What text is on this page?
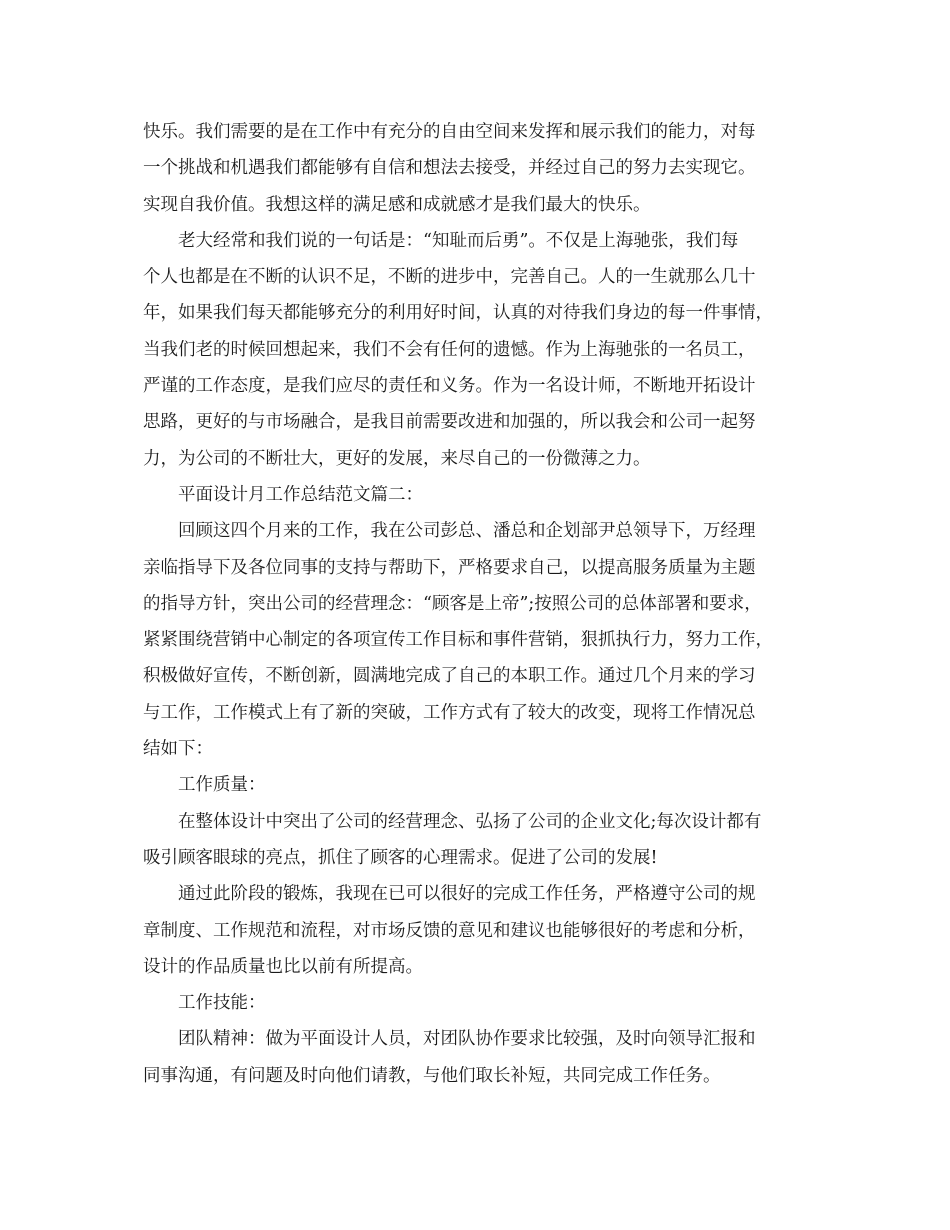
快乐。我们需要的是在工作中有充分的自由空间来发挥和展示我们的能力，对每
一个挑战和机遇我们都能够有自信和想法去接受，并经过自己的努力去实现它。
实现自我价值。我想这样的满足感和成就感才是我们最大的快乐。
老大经常和我们说的一句话是：“知耻而后勇”。不仅是上海驰张，我们每
个人也都是在不断的认识不足，不断的进步中，完善自己。人的一生就那么几十
年，如果我们每天都能够充分的利用好时间，认真的对待我们身边的每一件事情，
当我们老的时候回想起来，我们不会有任何的遗憾。作为上海驰张的一名员工，
严谨的工作态度，是我们应尽的责任和义务。作为一名设计师，不断地开拓设计
思路，更好的与市场融合，是我目前需要改进和加强的，所以我会和公司一起努
力，为公司的不断壮大，更好的发展，来尽自己的一份微薄之力。
平面设计月工作总结范文篇二：
回顾这四个月来的工作，我在公司彭总、潘总和企划部尹总领导下，万经理
亲临指导下及各位同事的支持与帮助下，严格要求自己，以提高服务质量为主题
的指导方针，突出公司的经营理念：“顾客是上帝”;按照公司的总体部署和要求，
紧紧围绕营销中心制定的各项宣传工作目标和事件营销，狠抓执行力，努力工作，
积极做好宣传，不断创新，圆满地完成了自己的本职工作。通过几个月来的学习
与工作，工作模式上有了新的突破，工作方式有了较大的改变，现将工作情况总
结如下：
工作质量：
在整体设计中突出了公司的经营理念、弘扬了公司的企业文化;每次设计都有
吸引顾客眼球的亮点，抓住了顾客的心理需求。促进了公司的发展!
通过此阶段的锻炼，我现在已可以很好的完成工作任务，严格遵守公司的规
章制度、工作规范和流程，对市场反馈的意见和建议也能够很好的考虑和分析，
设计的作品质量也比以前有所提高。
工作技能：
团队精神：做为平面设计人员，对团队协作要求比较强，及时向领导汇报和
同事沟通，有问题及时向他们请教，与他们取长补短，共同完成工作任务。
